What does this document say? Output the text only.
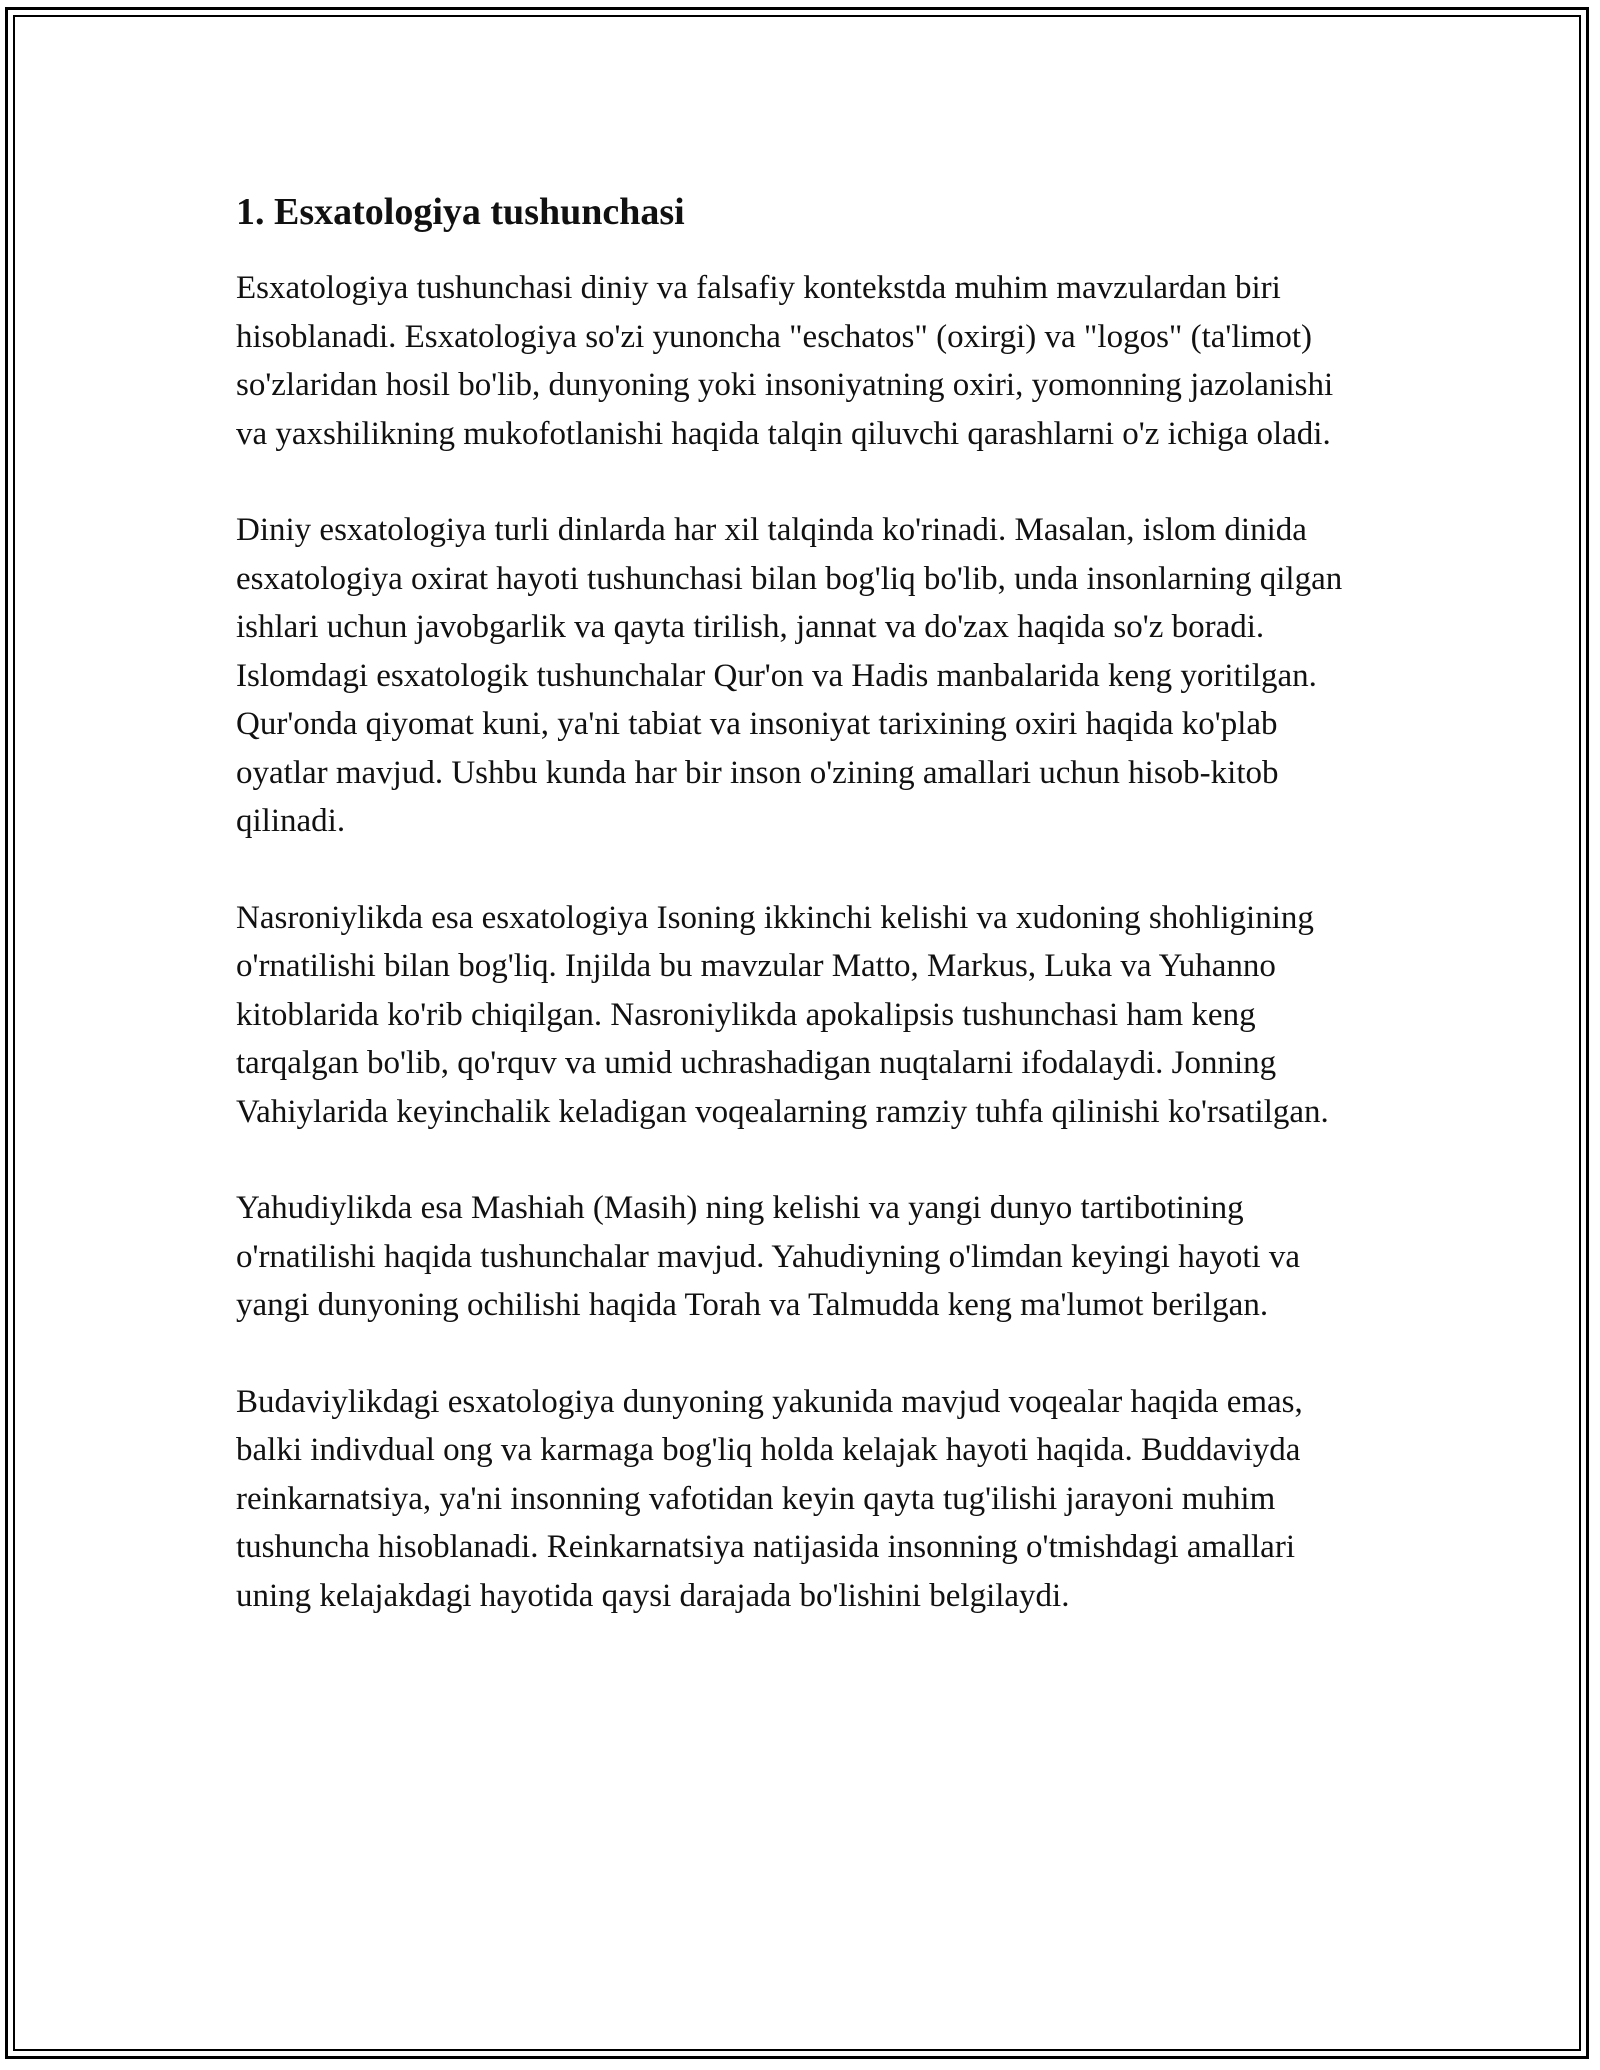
1. Esxatologiya tushunchasi

Esxatologiya tushunchasi diniy va falsafiy kontekstda muhim mavzulardan biri hisoblanadi. Esxatologiya so'zi yunoncha "eschatos" (oxirgi) va "logos" (ta'limot) so'zlaridan hosil bo'lib, dunyoning yoki insoniyatning oxiri, yomonning jazolanishi va yaxshilikning mukofotlanishi haqida talqin qiluvchi qarashlarni o'z ichiga oladi.

Diniy esxatologiya turli dinlarda har xil talqinda ko'rinadi. Masalan, islom dinida esxatologiya oxirat hayoti tushunchasi bilan bog'liq bo'lib, unda insonlarning qilgan ishlari uchun javobgarlik va qayta tirilish, jannat va do'zax haqida so'z boradi. Islomdagi esxatologik tushunchalar Qur'on va Hadis manbalarida keng yoritilgan. Qur'onda qiyomat kuni, ya'ni tabiat va insoniyat tarixining oxiri haqida ko'plab oyatlar mavjud. Ushbu kunda har bir inson o'zining amallari uchun hisob-kitob qilinadi.

Nasroniylikda esa esxatologiya Isoning ikkinchi kelishi va xudoning shohligining o'rnatilishi bilan bog'liq. Injilda bu mavzular Matto, Markus, Luka va Yuhanno kitoblarida ko'rib chiqilgan. Nasroniylikda apokalipsis tushunchasi ham keng tarqalgan bo'lib, qo'rquv va umid uchrashadigan nuqtalarni ifodalaydi. Jonning Vahiylarida keyinchalik keladigan voqealarning ramziy tuhfa qilinishi ko'rsatilgan.

Yahudiylikda esa Mashiah (Masih) ning kelishi va yangi dunyo tartibotining o'rnatilishi haqida tushunchalar mavjud. Yahudiyning o'limdan keyingi hayoti va yangi dunyoning ochilishi haqida Torah va Talmudda keng ma'lumot berilgan.

Budaviylikdagi esxatologiya dunyoning yakunida mavjud voqealar haqida emas, balki indivdual ong va karmaga bog'liq holda kelajak hayoti haqida. Buddaviyda reinkarnatsiya, ya'ni insonning vafotidan keyin qayta tug'ilishi jarayoni muhim tushuncha hisoblanadi. Reinkarnatsiya natijasida insonning o'tmishdagi amallari uning kelajakdagi hayotida qaysi darajada bo'lishini belgilaydi.
